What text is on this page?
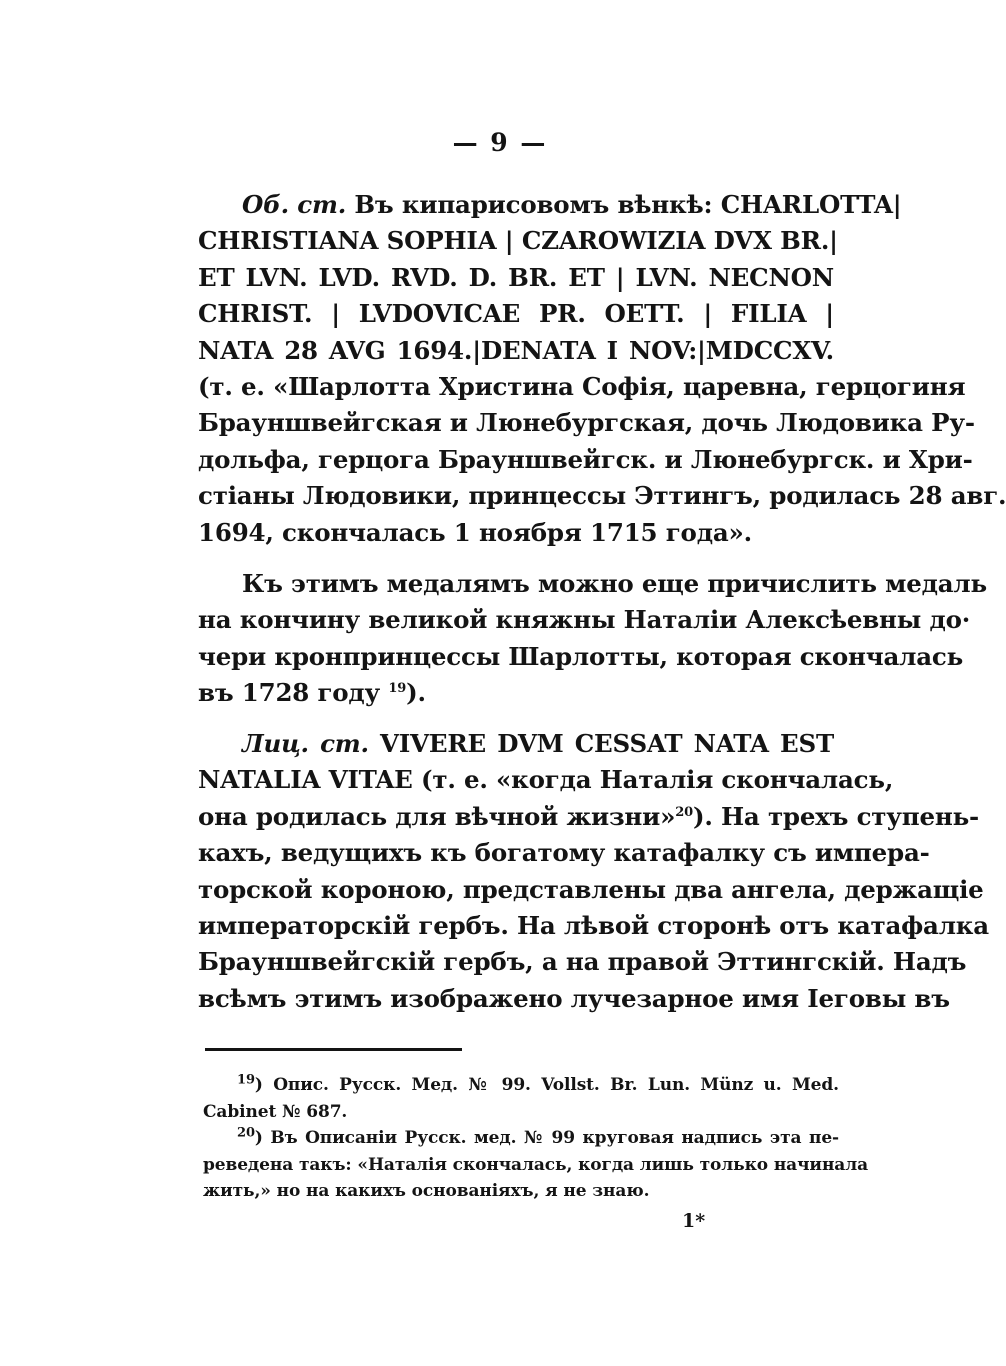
— 9 —
Об. ст. Въ кипарисовомъ вѣнкѣ: CHARLOTTA|
CHRISTIANA SOPHIA | CZAROWIZIA DVX BR.|
ET LVN. LVD. RVD. D. BR. ET | LVN. NECNON
CHRIST. | LVDOVICAE PR. OETT. | FILIA |
NATA 28 AVG 1694.|DENATA I NOV:|MDCCXV.
(т. е. «Шарлотта Христина Софія, царевна, герцогиня
Брауншвейгская и Люнебургская, дочь Людовика Ру-
дольфа, герцога Брауншвейгск. и Люнебургск. и Хри-
стіаны Людовики, принцессы Эттингъ, родилась 28 авг.
1694, скончалась 1 ноября 1715 года».
Къ этимъ медалямъ можно еще причислить медаль
на кончину великой княжны Наталіи Алексѣевны до·
чери кронпринцессы Шарлотты, которая скончалась
въ 1728 году $^{19}$).
Лиц. ст. VIVERE DVM CESSAT NATA EST
NATALIA VITAE (т. е. «когда Наталія скончалась,
она родилась для вѣчной жизни»$^{20}$). На трехъ ступень-
кахъ, ведущихъ къ богатому катафалку съ импера-
торской короною, представлены два ангела, держащіе
императорскій гербъ. На лѣвой сторонѣ отъ катафалка
Брауншвейгскій гербъ, а на правой Эттингскій. Надъ
всѣмъ этимъ изображено лучезарное имя Іеговы въ
$^{19}$) Опис. Русск. Мед. № 99. Vollst. Br. Lun. Münz u. Med.
Cabinet № 687.
$^{20}$) Въ Описаніи Русск. мед. № 99 круговая надпись эта пе-
реведена такъ: «Наталія скончалась, когда лишь только начинала
жить,» но на какихъ основаніяхъ, я не знаю.
1*
